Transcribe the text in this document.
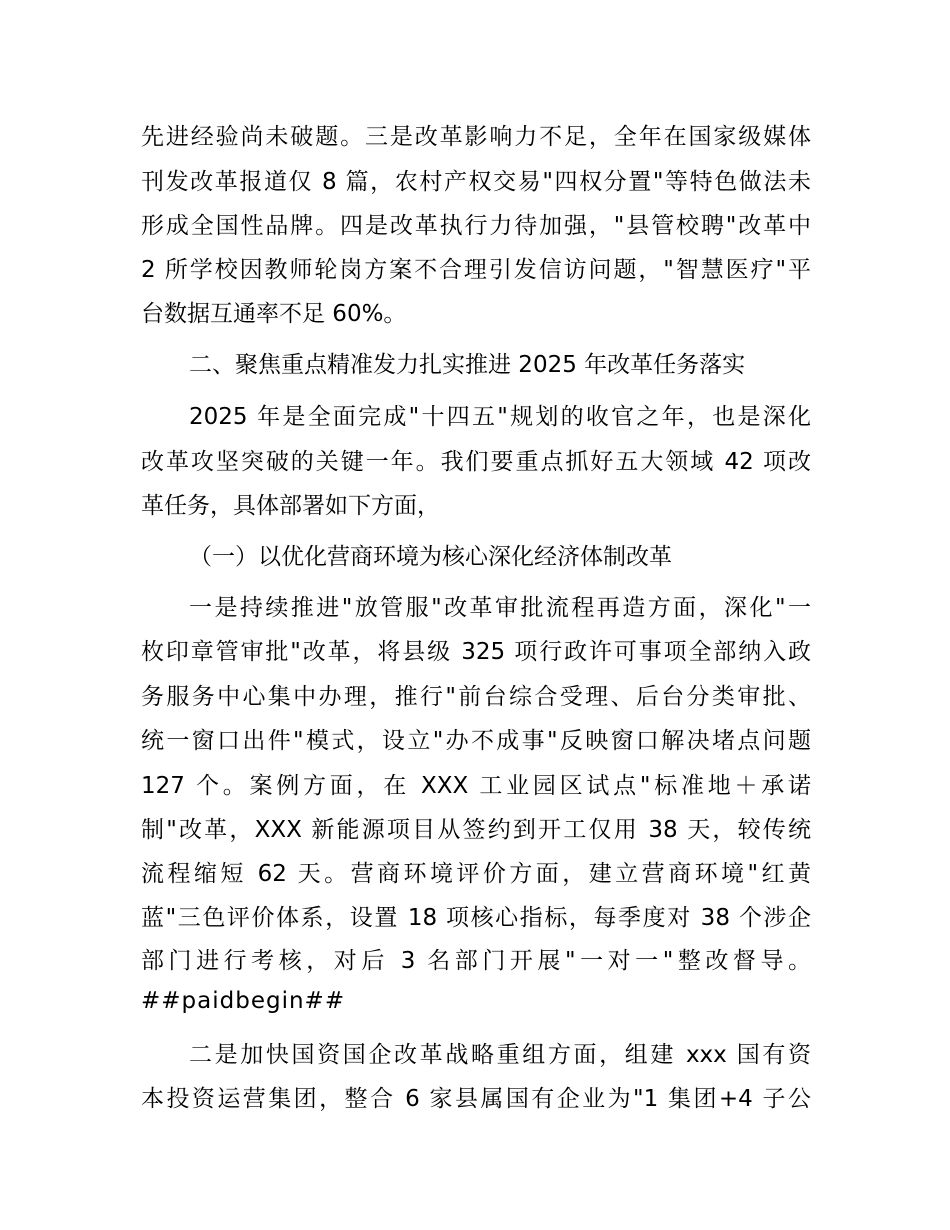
先进经验尚未破题。三是改革影响力不足，全年在国家级媒体
刊发改革报道仅 8 篇，农村产权交易"四权分置"等特色做法未
形成全国性品牌。四是改革执行力待加强，"县管校聘"改革中
2 所学校因教师轮岗方案不合理引发信访问题，"智慧医疗"平
台数据互通率不足 60%。
二、聚焦重点精准发力扎实推进 2025 年改革任务落实
2025 年是全面完成"十四五"规划的收官之年，也是深化
改革攻坚突破的关键一年。我们要重点抓好五大领域 42 项改
革任务，具体部署如下方面，
（一）以优化营商环境为核心深化经济体制改革
一是持续推进"放管服"改革审批流程再造方面，深化"一
枚印章管审批"改革，将县级 325 项行政许可事项全部纳入政
务服务中心集中办理，推行"前台综合受理、后台分类审批、
统一窗口出件"模式，设立"办不成事"反映窗口解决堵点问题
127 个。案例方面，在 XXX 工业园区试点"标准地＋承诺
制"改革，XXX 新能源项目从签约到开工仅用 38 天，较传统
流程缩短 62 天。营商环境评价方面，建立营商环境"红黄
蓝"三色评价体系，设置 18 项核心指标，每季度对 38 个涉企
部门进行考核，对后 3 名部门开展"一对一"整改督导。
##paidbegin##
二是加快国资国企改革战略重组方面，组建 xxx 国有资
本投资运营集团，整合 6 家县属国有企业为"1 集团+4 子公
